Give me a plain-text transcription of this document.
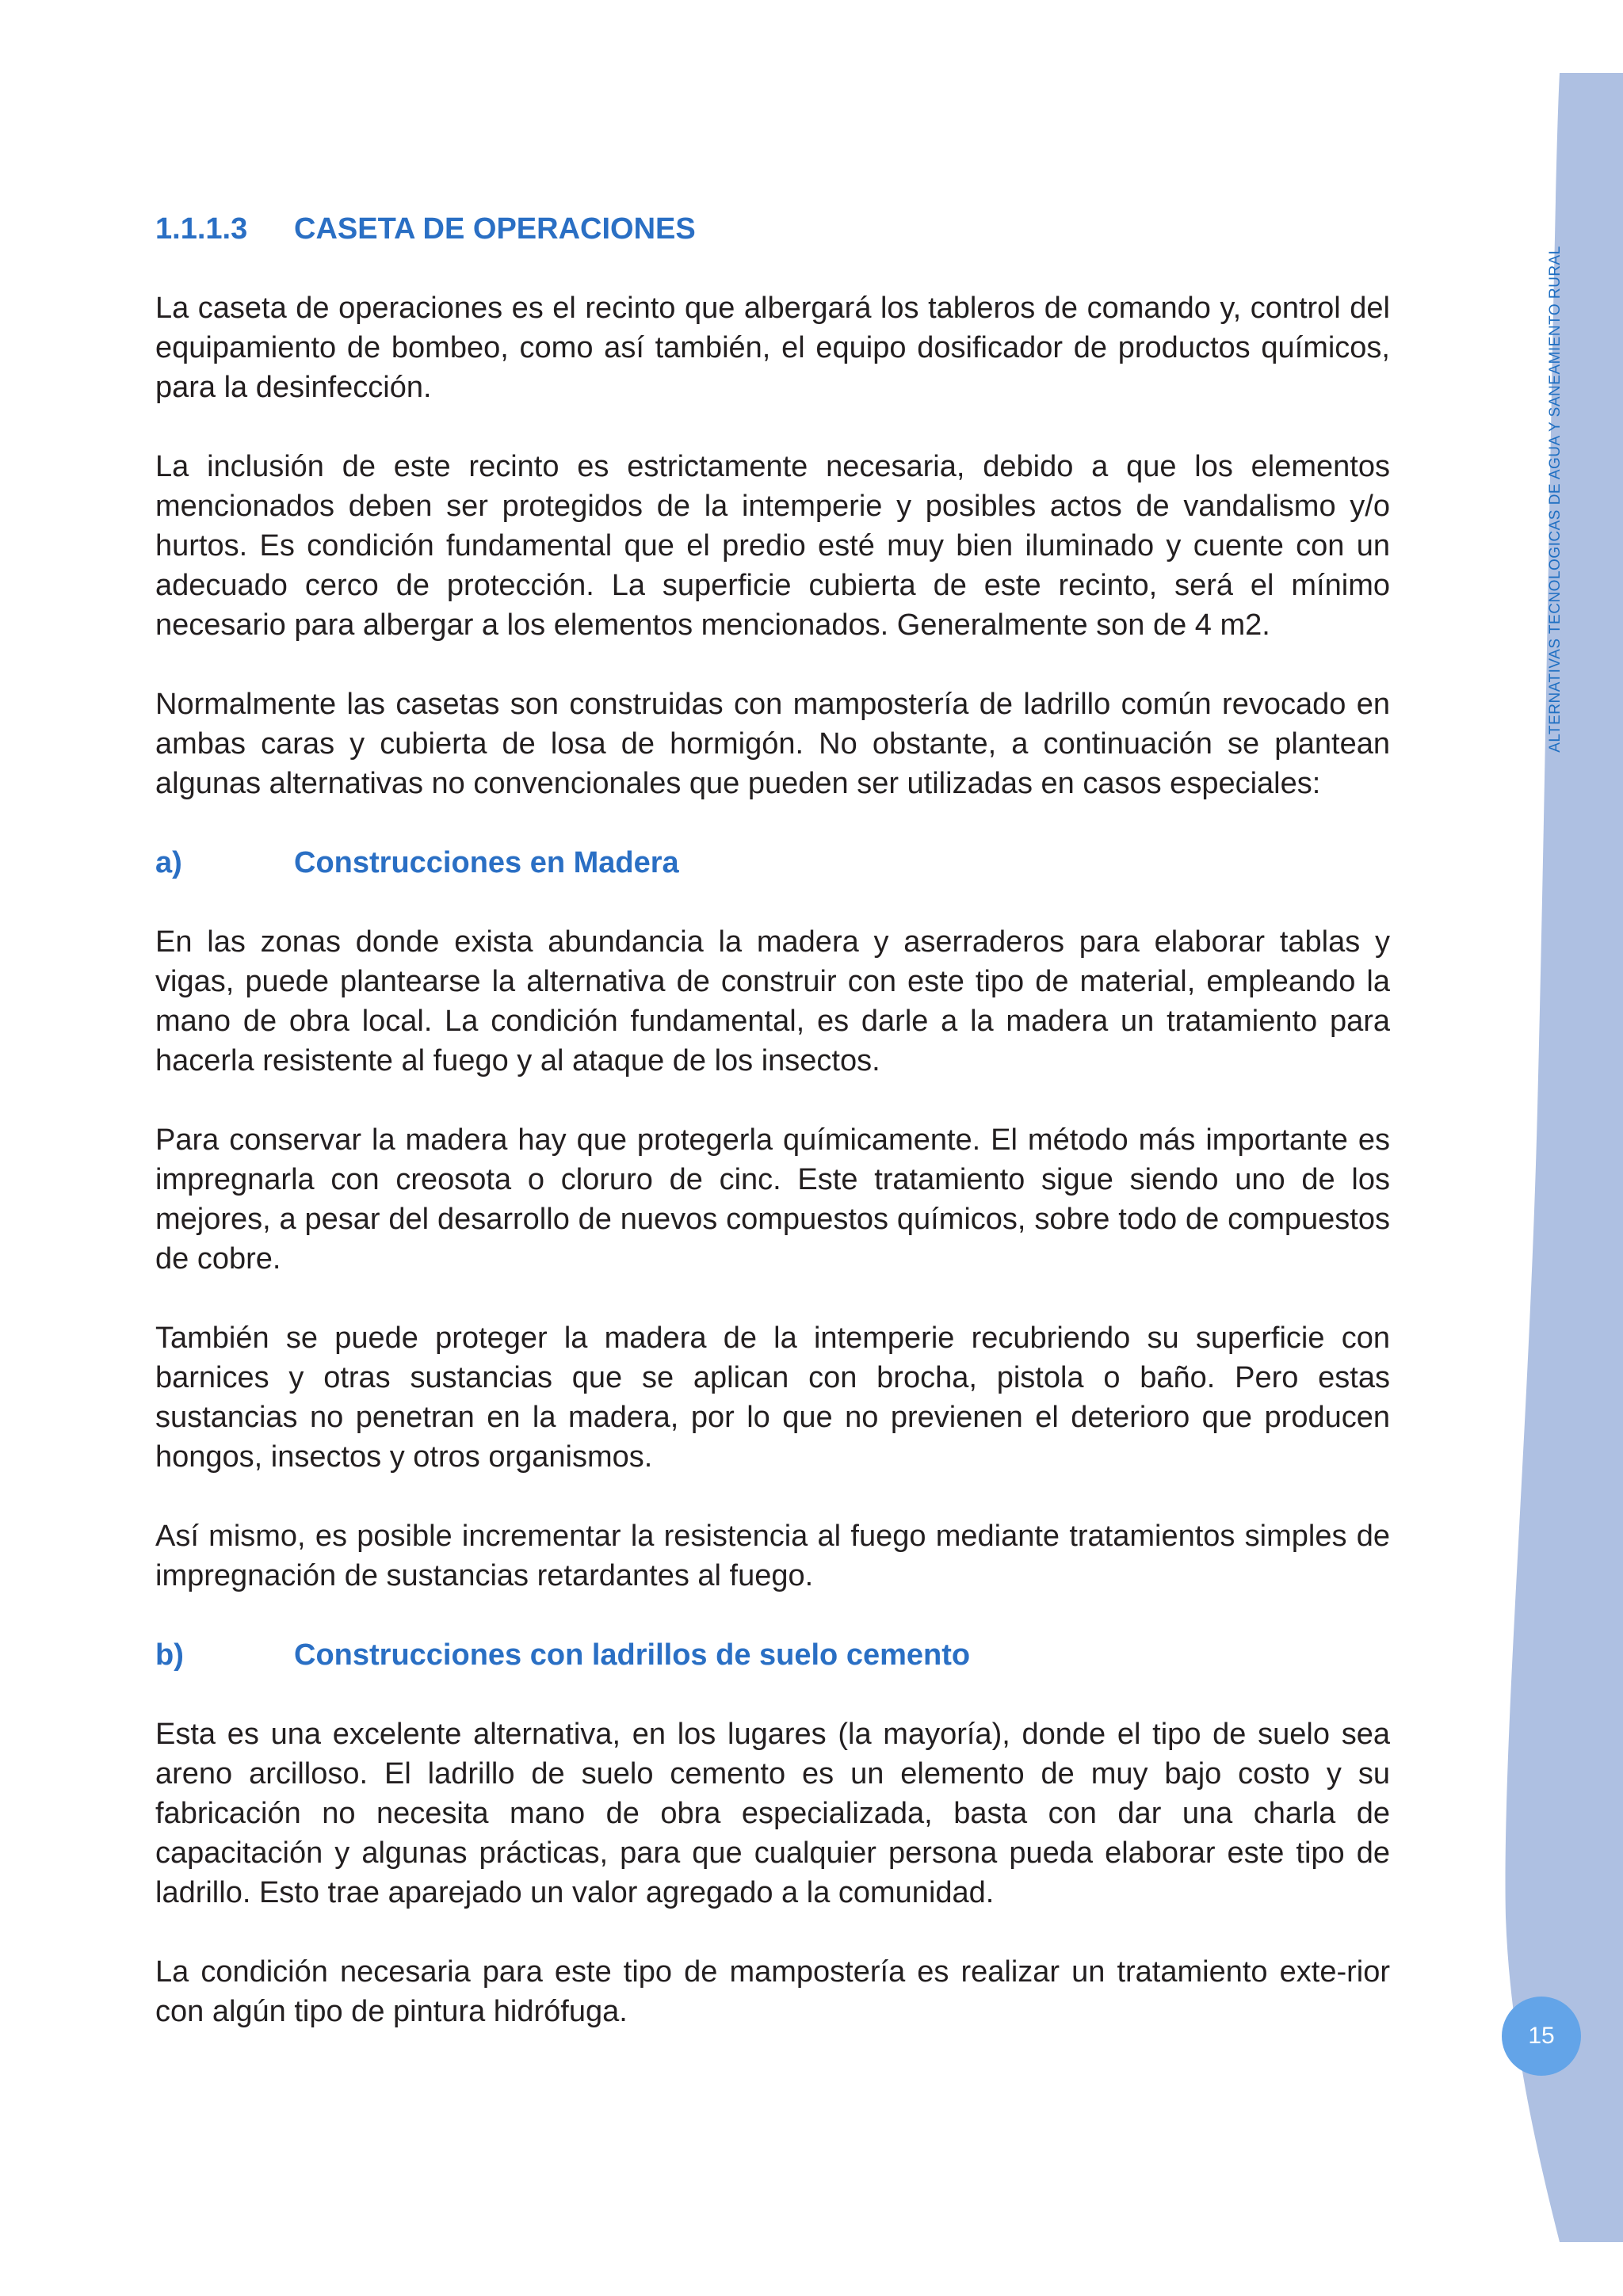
ALTERNATIVAS TECNOLOGICAS DE AGUA Y SANEAMIENTO RURAL
15
1.1.1.3	CASETA DE OPERACIONES

La caseta de operaciones es el recinto que albergará los tableros de comando y, control del equipamiento de bombeo, como así también, el equipo dosificador de productos químicos, para la desinfección.

La inclusión de este recinto es estrictamente necesaria, debido a que los elementos mencionados deben ser protegidos de la intemperie y posibles actos de vandalismo y/o hurtos. Es condición fundamental que el predio esté muy bien iluminado y cuente con un adecuado cerco de protección. La superficie cubierta de este recinto, será el mínimo necesario para albergar a los elementos mencionados. Generalmente son de 4 m2.

Normalmente las casetas son construidas con mampostería de ladrillo común revocado en ambas caras y cubierta de losa de hormigón. No obstante, a continuación se plantean algunas alternativas no convencionales que pueden ser utilizadas en casos especiales:

a)	Construcciones en Madera

En las zonas donde exista abundancia la madera y aserraderos para elaborar tablas y vigas, puede plantearse la alternativa de construir con este tipo de material, empleando la mano de obra local. La condición fundamental, es darle a la madera un tratamiento para hacerla resistente al fuego y al ataque de los insectos.

Para conservar la madera hay que protegerla químicamente. El método más importante es impregnarla con creosota o cloruro de cinc. Este tratamiento sigue siendo uno de los mejores, a pesar del desarrollo de nuevos compuestos químicos, sobre todo de compuestos de cobre.

También se puede proteger la madera de la intemperie recubriendo su superficie con barnices y otras sustancias que se aplican con brocha, pistola o baño. Pero estas sustancias no penetran en la madera, por lo que no previenen el deterioro que producen hongos, insectos y otros organismos.

Así mismo, es posible incrementar la resistencia al fuego mediante tratamientos simples de impregnación de sustancias retardantes al fuego.

b)	Construcciones con ladrillos de suelo cemento

Esta es una excelente alternativa, en los lugares (la mayoría), donde el tipo de suelo sea areno arcilloso. El ladrillo de suelo cemento es un elemento de muy bajo costo y su fabricación no necesita mano de obra especializada, basta con dar una charla de capacitación y algunas prácticas, para que cualquier persona pueda elaborar este tipo de ladrillo. Esto trae aparejado un valor agregado a la comunidad.

La condición necesaria para este tipo de mampostería es realizar un tratamiento exte-rior con algún tipo de pintura hidrófuga.
